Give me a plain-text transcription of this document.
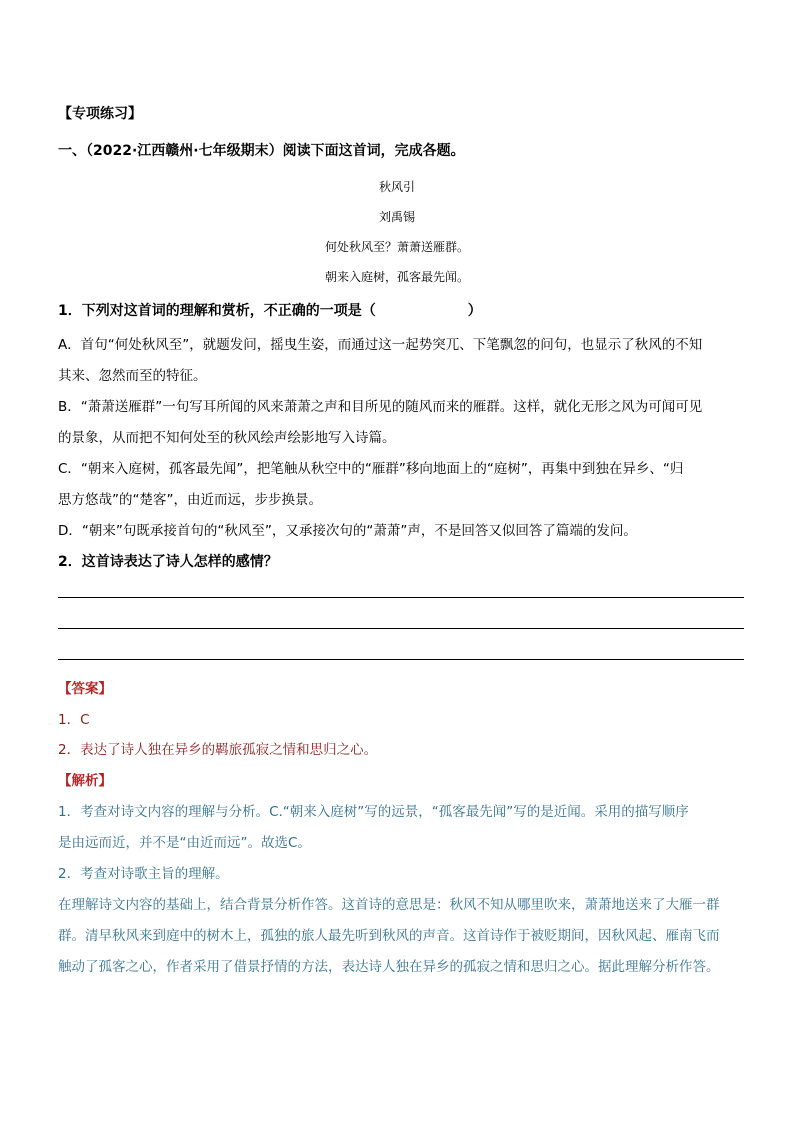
【专项练习】
一、（2022·江西赣州·七年级期末）阅读下面这首词，完成各题。
秋风引
刘禹锡
何处秋风至？萧萧送雁群。
朝来入庭树，孤客最先闻。
1．下列对这首词的理解和赏析，不正确的一项是（	）
A．首句“何处秋风至”，就题发问，摇曳生姿，而通过这一起势突兀、下笔飘忽的问句，也显示了秋风的不知
其来、忽然而至的特征。
B．“萧萧送雁群”一句写耳所闻的风来萧萧之声和目所见的随风而来的雁群。这样，就化无形之风为可闻可见
的景象，从而把不知何处至的秋风绘声绘影地写入诗篇。
C．“朝来入庭树，孤客最先闻”，把笔触从秋空中的“雁群”移向地面上的“庭树”，再集中到独在异乡、“归
思方悠哉”的“楚客”，由近而远，步步换景。
D．“朝来”句既承接首句的“秋风至”，又承接次句的“萧萧”声，不是回答又似回答了篇端的发问。
2．这首诗表达了诗人怎样的感情？
【答案】
1．C
2．表达了诗人独在异乡的羁旅孤寂之情和思归之心。
【解析】
1．考查对诗文内容的理解与分析。C.“朝来入庭树”写的远景，“孤客最先闻”写的是近闻。采用的描写顺序
是由远而近，并不是“由近而远”。故选C。
2．考查对诗歌主旨的理解。
在理解诗文内容的基础上，结合背景分析作答。这首诗的意思是：秋风不知从哪里吹来，萧萧地送来了大雁一群
群。清早秋风来到庭中的树木上，孤独的旅人最先听到秋风的声音。这首诗作于被贬期间，因秋风起、雁南飞而
触动了孤客之心，作者采用了借景抒情的方法，表达诗人独在异乡的孤寂之情和思归之心。据此理解分析作答。
